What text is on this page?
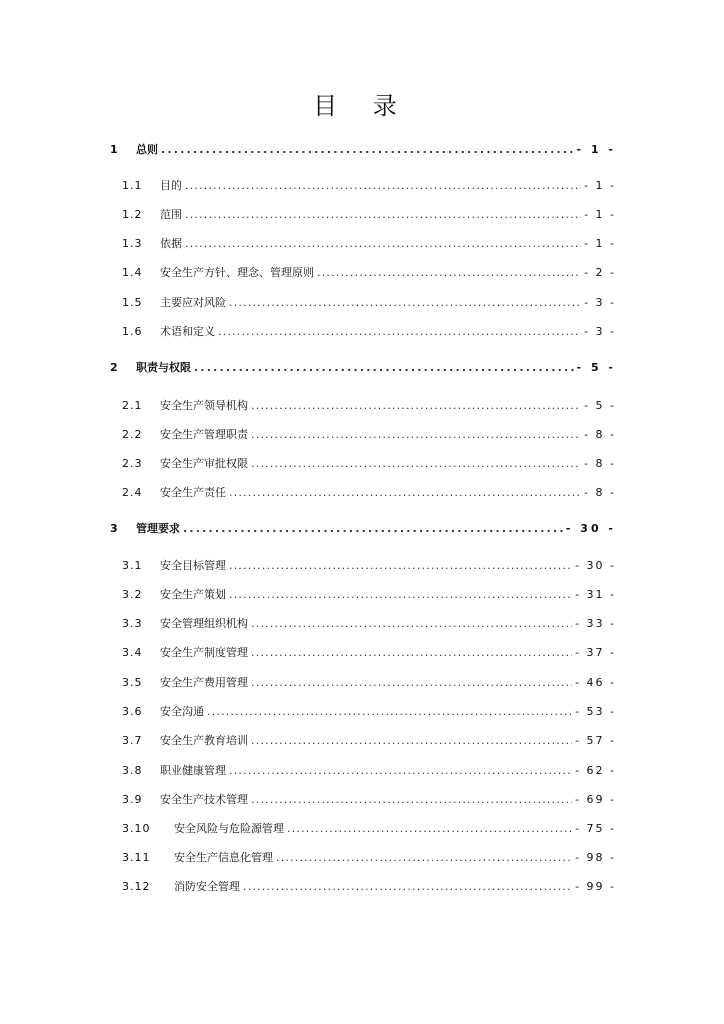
目 录
1	总则 .....	- 1 -
1.1	目的 .....	- 1 -
1.2	范围 .....	- 1 -
1.3	依据 .....	- 1 -
1.4	安全生产方针、理念、管理原则 .....	- 2 -
1.5	主要应对风险 .....	- 3 -
1.6	术语和定义 .....	- 3 -
2	职责与权限 .....	- 5 -
2.1	安全生产领导机构 .....	- 5 -
2.2	安全生产管理职责 .....	- 8 -
2.3	安全生产审批权限 .....	- 8 -
2.4	安全生产责任 .....	- 8 -
3	管理要求 .....	- 30 -
3.1	安全目标管理 .....	- 30 -
3.2	安全生产策划 .....	- 31 -
3.3	安全管理组织机构 .....	- 33 -
3.4	安全生产制度管理 .....	- 37 -
3.5	安全生产费用管理 .....	- 46 -
3.6	安全沟通 .....	- 53 -
3.7	安全生产教育培训 .....	- 57 -
3.8	职业健康管理 .....	- 62 -
3.9	安全生产技术管理 .....	- 69 -
3.10	安全风险与危险源管理 .....	- 75 -
3.11	安全生产信息化管理 .....	- 98 -
3.12	消防安全管理 .....	- 99 -
